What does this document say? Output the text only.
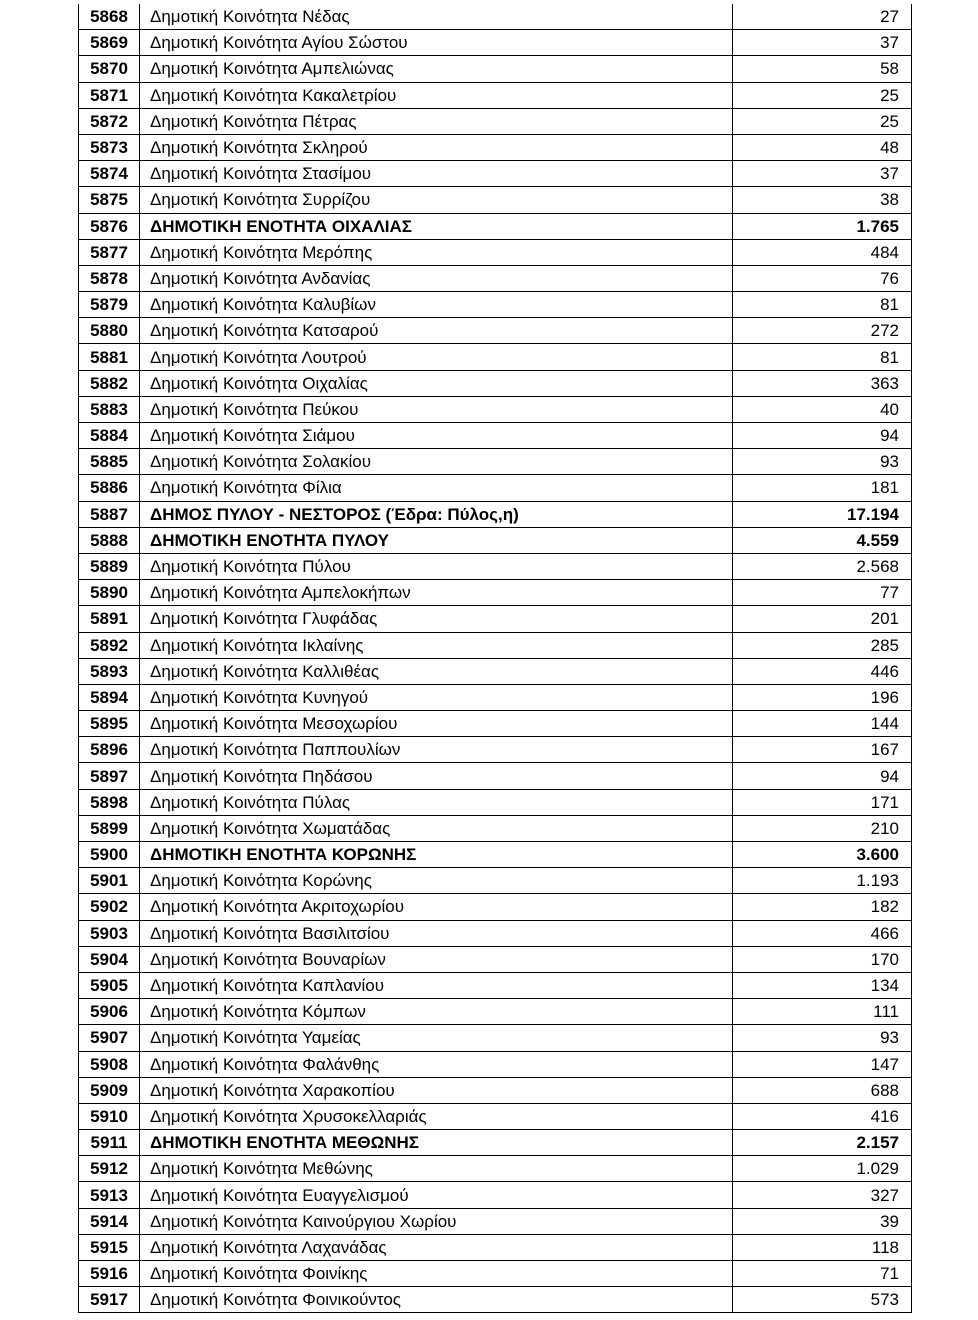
5868	Δημοτική Κοινότητα Νέδας	27
5869	Δημοτική Κοινότητα Αγίου Σώστου	37
5870	Δημοτική Κοινότητα Αμπελιώνας	58
5871	Δημοτική Κοινότητα Κακαλετρίου	25
5872	Δημοτική Κοινότητα Πέτρας	25
5873	Δημοτική Κοινότητα Σκληρού	48
5874	Δημοτική Κοινότητα Στασίμου	37
5875	Δημοτική Κοινότητα Συρρίζου	38
5876	ΔΗΜΟΤΙΚΗ ΕΝΟΤΗΤΑ ΟΙΧΑΛΙΑΣ	1.765
5877	Δημοτική Κοινότητα Μερόπης	484
5878	Δημοτική Κοινότητα Ανδανίας	76
5879	Δημοτική Κοινότητα Καλυβίων	81
5880	Δημοτική Κοινότητα Κατσαρού	272
5881	Δημοτική Κοινότητα Λουτρού	81
5882	Δημοτική Κοινότητα Οιχαλίας	363
5883	Δημοτική Κοινότητα Πεύκου	40
5884	Δημοτική Κοινότητα Σιάμου	94
5885	Δημοτική Κοινότητα Σολακίου	93
5886	Δημοτική Κοινότητα Φίλια	181
5887	ΔΗΜΟΣ ΠΥΛΟΥ - ΝΕΣΤΟΡΟΣ (Έδρα: Πύλος,η)	17.194
5888	ΔΗΜΟΤΙΚΗ ΕΝΟΤΗΤΑ ΠΥΛΟΥ	4.559
5889	Δημοτική Κοινότητα Πύλου	2.568
5890	Δημοτική Κοινότητα Αμπελοκήπων	77
5891	Δημοτική Κοινότητα Γλυφάδας	201
5892	Δημοτική Κοινότητα Ικλαίνης	285
5893	Δημοτική Κοινότητα Καλλιθέας	446
5894	Δημοτική Κοινότητα Κυνηγού	196
5895	Δημοτική Κοινότητα Μεσοχωρίου	144
5896	Δημοτική Κοινότητα Παππουλίων	167
5897	Δημοτική Κοινότητα Πηδάσου	94
5898	Δημοτική Κοινότητα Πύλας	171
5899	Δημοτική Κοινότητα Χωματάδας	210
5900	ΔΗΜΟΤΙΚΗ ΕΝΟΤΗΤΑ ΚΟΡΩΝΗΣ	3.600
5901	Δημοτική Κοινότητα Κορώνης	1.193
5902	Δημοτική Κοινότητα Ακριτοχωρίου	182
5903	Δημοτική Κοινότητα Βασιλιτσίου	466
5904	Δημοτική Κοινότητα Βουναρίων	170
5905	Δημοτική Κοινότητα Καπλανίου	134
5906	Δημοτική Κοινότητα Κόμπων	111
5907	Δημοτική Κοινότητα Υαμείας	93
5908	Δημοτική Κοινότητα Φαλάνθης	147
5909	Δημοτική Κοινότητα Χαρακοπίου	688
5910	Δημοτική Κοινότητα Χρυσοκελλαριάς	416
5911	ΔΗΜΟΤΙΚΗ ΕΝΟΤΗΤΑ ΜΕΘΩΝΗΣ	2.157
5912	Δημοτική Κοινότητα Μεθώνης	1.029
5913	Δημοτική Κοινότητα Ευαγγελισμού	327
5914	Δημοτική Κοινότητα Καινούργιου Χωρίου	39
5915	Δημοτική Κοινότητα Λαχανάδας	118
5916	Δημοτική Κοινότητα Φοινίκης	71
5917	Δημοτική Κοινότητα Φοινικούντος	573
